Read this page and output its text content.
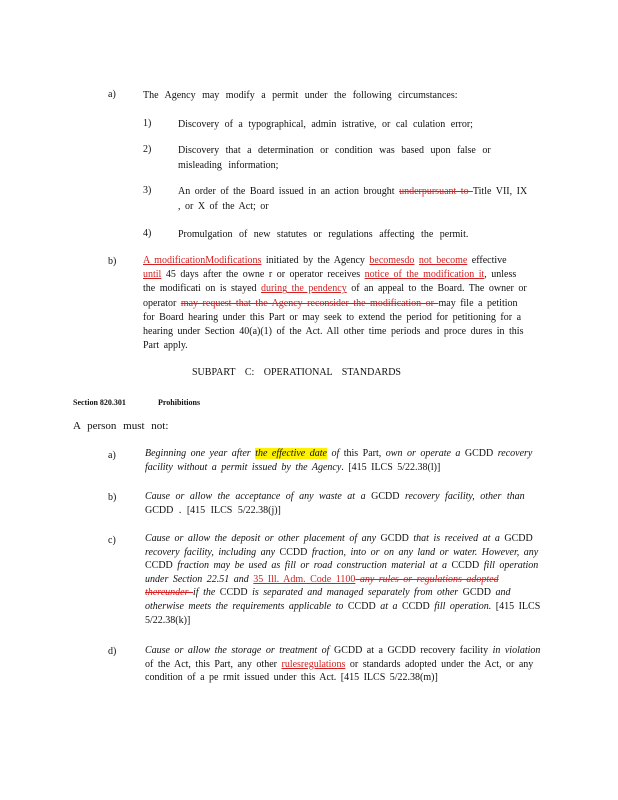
a)	The Agency may modify a permit under the following circumstances:
1)	Discovery of a typographical, admin istrative, or cal culation error;
2)	Discovery that a determination or condition was based upon false or misleading information;
3)	An order of the Board issued in an action brought underpursuant to Title VII, IX , or X of the Act; or
4)	Promulgation of new statutes or regulations affecting the permit.
b)	A modificationModifications initiated by the Agency becomesdo not become effective until 45 days after the owne r or operator receives notice of the modification it, unless the modificati on is stayed during the pendency of an appeal to the Board. The owner or operator may request that the Agency reconsider the modification or may file a petition for Board hearing under this Part or may seek to extend the period for petitioning for a hearing under Section 40(a)(1) of the Act. All other time periods and proce dures in this Part apply.
SUBPART C: OPERATIONAL STANDARDS
Section 820.301	Prohibitions
A person must not:
a)	Beginning one year after the effective date of this Part, own or operate a GCDD recovery facility without a permit issued by the Agency. [415 ILCS 5/22.38(l)]
b)	Cause or allow the acceptance of any waste at a GCDD recovery facility, other than GCDD . [415 ILCS 5/22.38(j)]
c)	Cause or allow the deposit or other placement of any GCDD that is received at a GCDD recovery facility, including any CCDD fraction, into or on any land or water. However, any CCDD fraction may be used as fill or road construction material at a CCDD fill operation under Section 22.51 and 35 Ill. Adm. Code 1100 any rules or regulations adopted thereunder if the CCDD is separated and managed separately from other GCDD and otherwise meets the requirements applicable to CCDD at a CCDD fill operation. [415 ILCS 5/22.38(k)]
d)	Cause or allow the storage or treatment of GCDD at a GCDD recovery facility in violation of the Act, this Part, any other rulesregulations or standards adopted under the Act, or any condition of a pe rmit issued under this Act. [415 ILCS 5/22.38(m)]
